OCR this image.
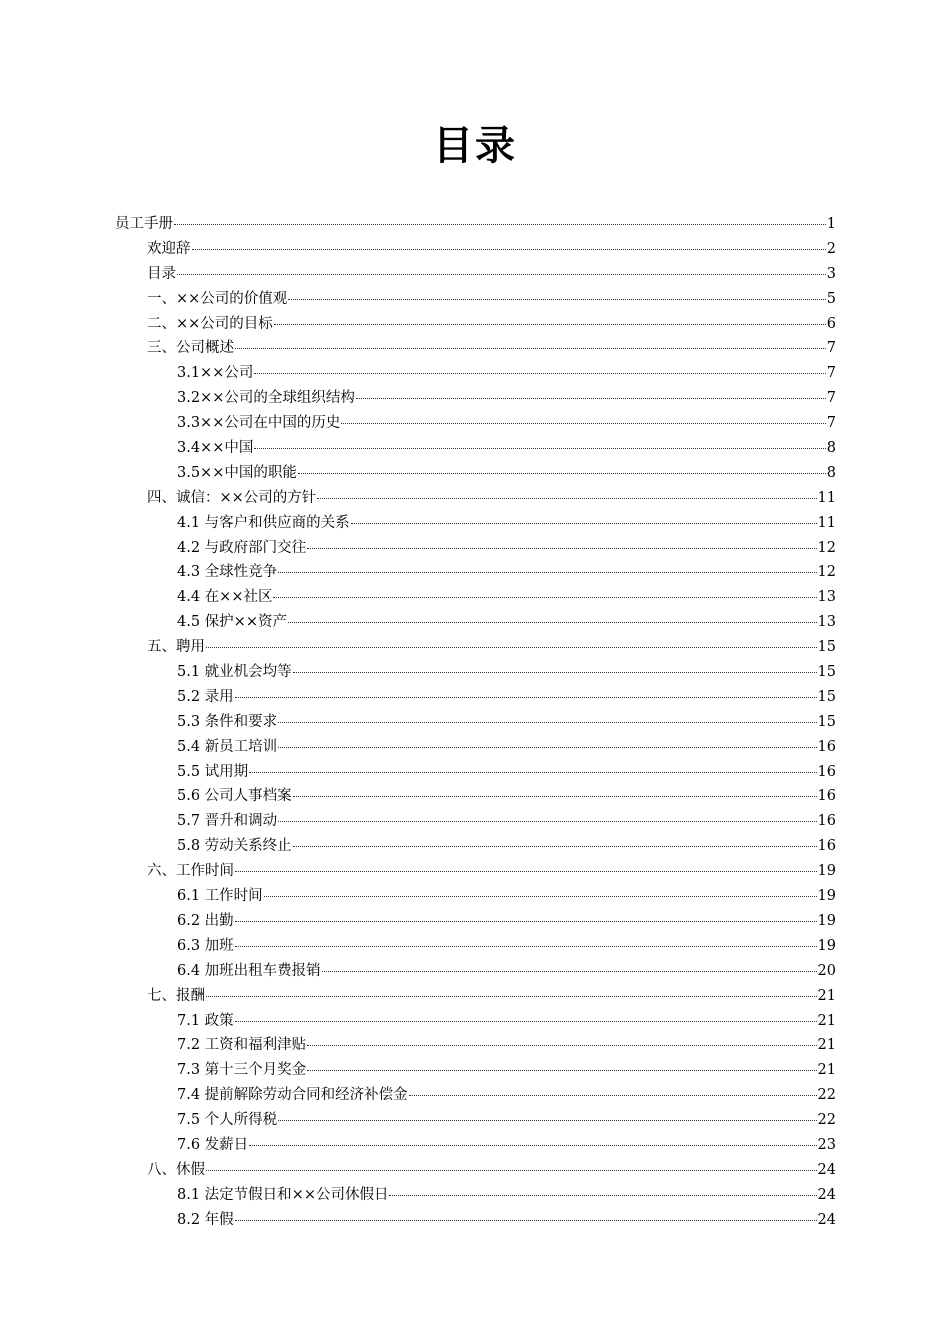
目录
员工手册	1
欢迎辞	2
目录	3
一、××公司的价值观	5
二、××公司的目标	6
三、公司概述	7
3.1××公司	7
3.2××公司的全球组织结构	7
3.3××公司在中国的历史	7
3.4××中国	8
3.5××中国的职能	8
四、诚信：××公司的方针	11
4.1 与客户和供应商的关系	11
4.2 与政府部门交往	12
4.3 全球性竞争	12
4.4 在××社区	13
4.5 保护××资产	13
五、聘用	15
5.1 就业机会均等	15
5.2 录用	15
5.3 条件和要求	15
5.4 新员工培训	16
5.5 试用期	16
5.6 公司人事档案	16
5.7 晋升和调动	16
5.8 劳动关系终止	16
六、工作时间	19
6.1 工作时间	19
6.2 出勤	19
6.3 加班	19
6.4 加班出租车费报销	20
七、报酬	21
7.1 政策	21
7.2 工资和福利津贴	21
7.3 第十三个月奖金	21
7.4 提前解除劳动合同和经济补偿金	22
7.5 个人所得税	22
7.6 发薪日	23
八、休假	24
8.1 法定节假日和××公司休假日	24
8.2 年假	24
